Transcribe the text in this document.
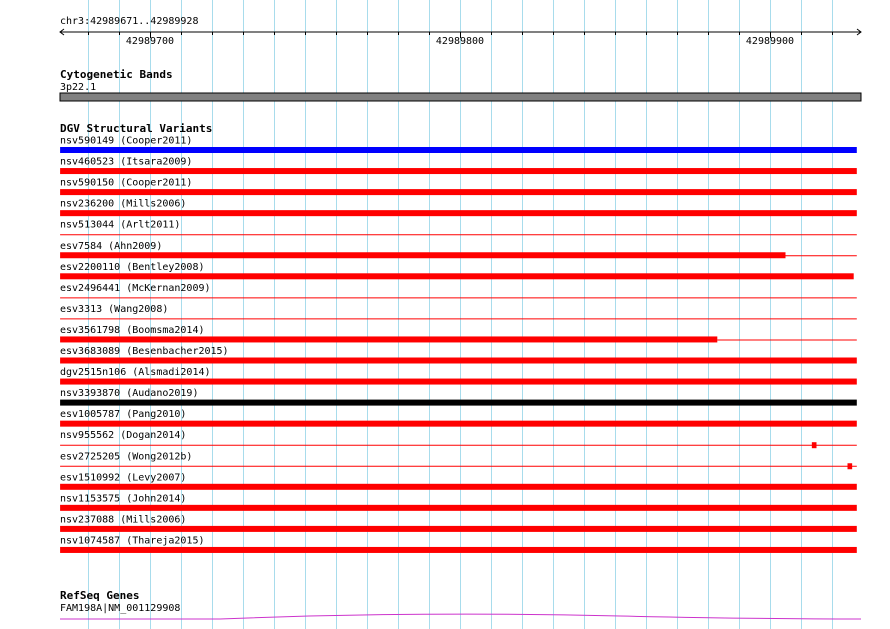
chr3:42989671..42989928
42989700	42989800	42989900
Cytogenetic Bands
3p22.1
DGV Structural Variants
nsv590149 (Cooper2011)
nsv460523 (Itsara2009)
nsv590150 (Cooper2011)
nsv236200 (Mills2006)
nsv513044 (Arlt2011)
esv7584 (Ahn2009)
esv2200110 (Bentley2008)
esv2496441 (McKernan2009)
esv3313 (Wang2008)
esv3561798 (Boomsma2014)
esv3683089 (Besenbacher2015)
dgv2515n106 (Alsmadi2014)
nsv3393870 (Audano2019)
esv1005787 (Pang2010)
nsv955562 (Dogan2014)
esv2725205 (Wong2012b)
esv1510992 (Levy2007)
nsv1153575 (John2014)
nsv237088 (Mills2006)
nsv1074587 (Thareja2015)
RefSeq Genes
FAM198A|NM_001129908
